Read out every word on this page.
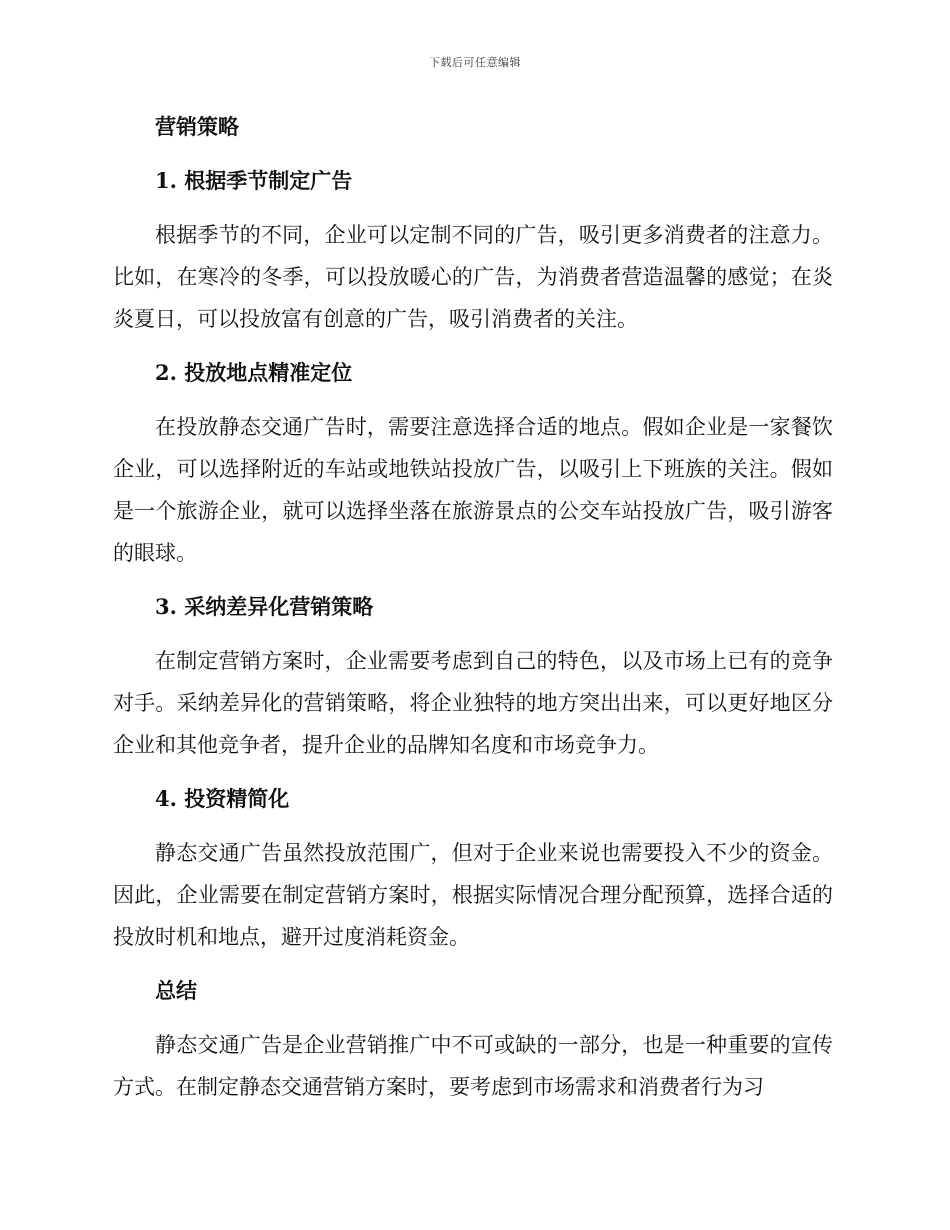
下载后可任意编辑

营销策略

1. 根据季节制定广告

根据季节的不同，企业可以定制不同的广告，吸引更多消费者的注意力。比如，在寒冷的冬季，可以投放暖心的广告，为消费者营造温馨的感觉；在炎炎夏日，可以投放富有创意的广告，吸引消费者的关注。

2. 投放地点精准定位

在投放静态交通广告时，需要注意选择合适的地点。假如企业是一家餐饮企业，可以选择附近的车站或地铁站投放广告，以吸引上下班族的关注。假如是一个旅游企业，就可以选择坐落在旅游景点的公交车站投放广告，吸引游客的眼球。

3. 采纳差异化营销策略

在制定营销方案时，企业需要考虑到自己的特色，以及市场上已有的竞争对手。采纳差异化的营销策略，将企业独特的地方突出出来，可以更好地区分企业和其他竞争者，提升企业的品牌知名度和市场竞争力。

4. 投资精简化

静态交通广告虽然投放范围广，但对于企业来说也需要投入不少的资金。因此，企业需要在制定营销方案时，根据实际情况合理分配预算，选择合适的投放时机和地点，避开过度消耗资金。

总结

静态交通广告是企业营销推广中不可或缺的一部分，也是一种重要的宣传方式。在制定静态交通营销方案时，要考虑到市场需求和消费者行为习
